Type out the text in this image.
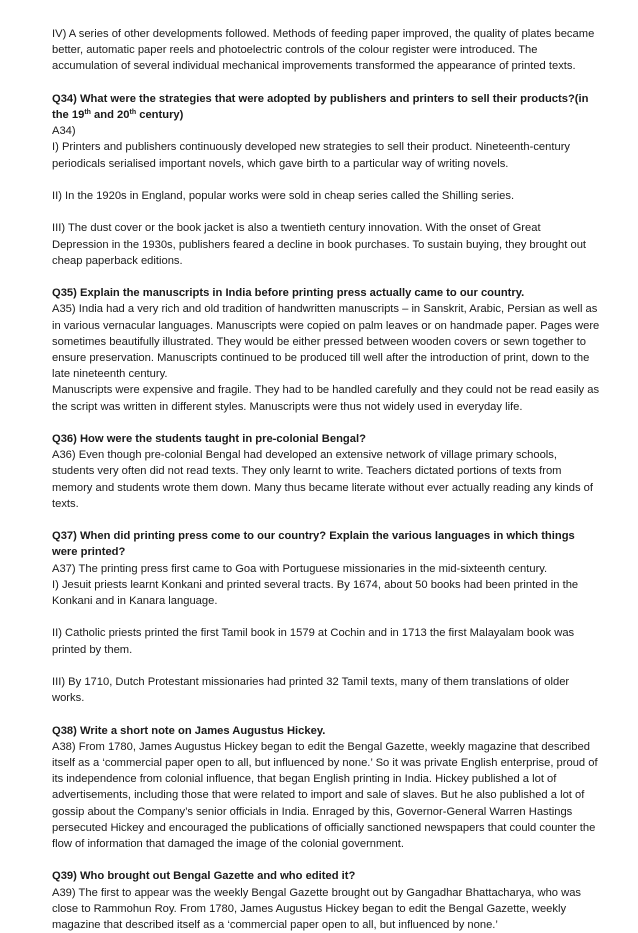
IV) A series of other developments followed. Methods of feeding paper improved, the quality of plates became better, automatic paper reels and photoelectric controls of the colour register were introduced. The accumulation of several individual mechanical improvements transformed the appearance of printed texts.

Q34) What were the strategies that were adopted by publishers and printers to sell their products?(in the 19th and 20th century)

A34)

I) Printers and publishers continuously developed new strategies to sell their product. Nineteenth-century periodicals serialised important novels, which gave birth to a particular way of writing novels.

II) In the 1920s in England, popular works were sold in cheap series called the Shilling series.

III) The dust cover or the book jacket is also a twentieth century innovation. With the onset of Great Depression in the 1930s, publishers feared a decline in book purchases. To sustain buying, they brought out cheap paperback editions.

Q35) Explain the manuscripts in India before printing press actually came to our country.

A35) India had a very rich and old tradition of handwritten manuscripts – in Sanskrit, Arabic, Persian as well as in various vernacular languages. Manuscripts were copied on palm leaves or on handmade paper. Pages were sometimes beautifully illustrated. They would be either pressed between wooden covers or sewn together to ensure preservation. Manuscripts continued to be produced till well after the introduction of print, down to the late nineteenth century.

Manuscripts were expensive and fragile. They had to be handled carefully and they could not be read easily as the script was written in different styles. Manuscripts were thus not widely used in everyday life.

Q36) How were the students taught in pre-colonial Bengal?

A36) Even though pre-colonial Bengal had developed an extensive network of village primary schools, students very often did not read texts. They only learnt to write. Teachers dictated portions of texts from memory and students wrote them down. Many thus became literate without ever actually reading any kinds of texts.

Q37) When did printing press come to our country? Explain the various languages in which things were printed?

A37) The printing press first came to Goa with Portuguese missionaries in the mid-sixteenth century.

I) Jesuit priests learnt Konkani and printed several tracts. By 1674, about 50 books had been printed in the Konkani and in Kanara language.

II) Catholic priests printed the first Tamil book in 1579 at Cochin and in 1713 the first Malayalam book was printed by them.

III) By 1710, Dutch Protestant missionaries had printed 32 Tamil texts, many of them translations of older works.

Q38) Write a short note on James Augustus Hickey.

A38) From 1780, James Augustus Hickey began to edit the Bengal Gazette, weekly magazine that described itself as a ‘commercial paper open to all, but influenced by none.’ So it was private English enterprise, proud of its independence from colonial influence, that began English printing in India. Hickey published a lot of advertisements, including those that were related to import and sale of slaves. But he also published a lot of gossip about the Company’s senior officials in India. Enraged by this, Governor-General Warren Hastings persecuted Hickey and encouraged the publications of officially sanctioned newspapers that could counter the flow of information that damaged the image of the colonial government.

Q39) Who brought out Bengal Gazette and who edited it?

A39) The first to appear was the weekly Bengal Gazette brought out by Gangadhar Bhattacharya, who was close to Rammohun Roy. From 1780, James Augustus Hickey began to edit the Bengal Gazette, weekly magazine that described itself as a ‘commercial paper open to all, but influenced by none.’
